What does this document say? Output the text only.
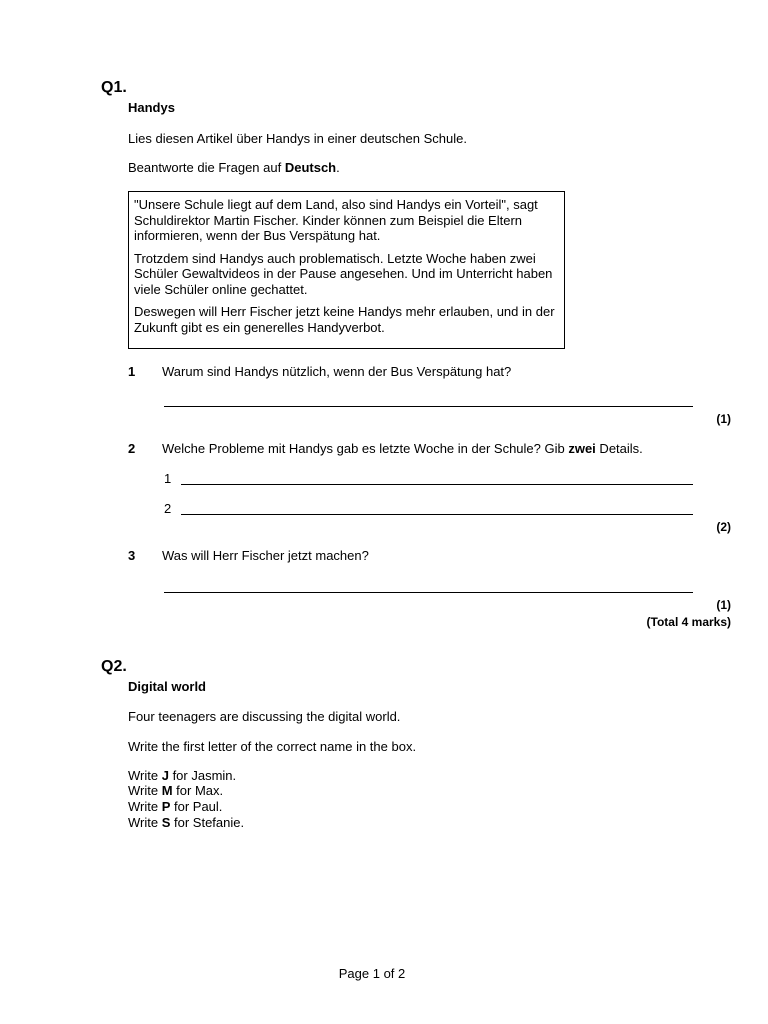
Q1.
Handys
Lies diesen Artikel über Handys in einer deutschen Schule.
Beantworte die Fragen auf Deutsch.

"Unsere Schule liegt auf dem Land, also sind Handys ein Vorteil", sagt Schuldirektor Martin Fischer. Kinder können zum Beispiel die Eltern informieren, wenn der Bus Verspätung hat.

Trotzdem sind Handys auch problematisch. Letzte Woche haben zwei Schüler Gewaltvideos in der Pause angesehen. Und im Unterricht haben viele Schüler online gechattet.

Deswegen will Herr Fischer jetzt keine Handys mehr erlauben, und in der Zukunft gibt es ein generelles Handyverbot.

1 Warum sind Handys nützlich, wenn der Bus Verspätung hat?
(1)
2 Welche Probleme mit Handys gab es letzte Woche in der Schule? Gib zwei Details.
1
2
(2)
3 Was will Herr Fischer jetzt machen?
(1)
(Total 4 marks)
Q2.
Digital world
Four teenagers are discussing the digital world.
Write the first letter of the correct name in the box.
Write J for Jasmin.
Write M for Max.
Write P for Paul.
Write S for Stefanie.
Page 1 of 2
